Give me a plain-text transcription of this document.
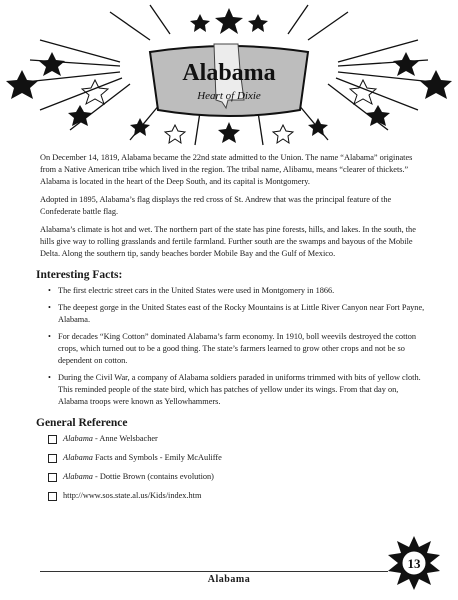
Alabama
Heart of Dixie

On December 14, 1819, Alabama became the 22nd state admitted to the Union. The name “Alabama” originates from a Native American tribe which lived in the region. The tribal name, Alibamu, means “clearer of thickets.” Alabama is located in the heart of the Deep South, and its capital is Montgomery.

Adopted in 1895, Alabama’s flag displays the red cross of St. Andrew that was the principal feature of the Confederate battle flag.

Alabama’s climate is hot and wet. The northern part of the state has pine forests, hills, and lakes. In the south, the hills give way to rolling grasslands and fertile farmland. Further south are the swamps and bayous of the Mobile Delta. Along the southern tip, sandy beaches border Mobile Bay and the Gulf of Mexico.

Interesting Facts:
• The first electric street cars in the United States were used in Montgomery in 1866.
• The deepest gorge in the United States east of the Rocky Mountains is at Little River Canyon near Fort Payne, Alabama.
• For decades “King Cotton” dominated Alabama’s farm economy. In 1910, boll weevils destroyed the cotton crops, which turned out to be a good thing. The state’s farmers learned to grow other crops and not be so dependent on cotton.
• During the Civil War, a company of Alabama soldiers paraded in uniforms trimmed with bits of yellow cloth. This reminded people of the state bird, which has patches of yellow under its wings. From that day on, Alabama troops were known as Yellowhammers.
General Reference
Alabama - Anne Welsbacher
Alabama Facts and Symbols - Emily McAuliffe
Alabama - Dottie Brown (contains evolution)
http://www.sos.state.al.us/Kids/index.htm
Alabama
13
